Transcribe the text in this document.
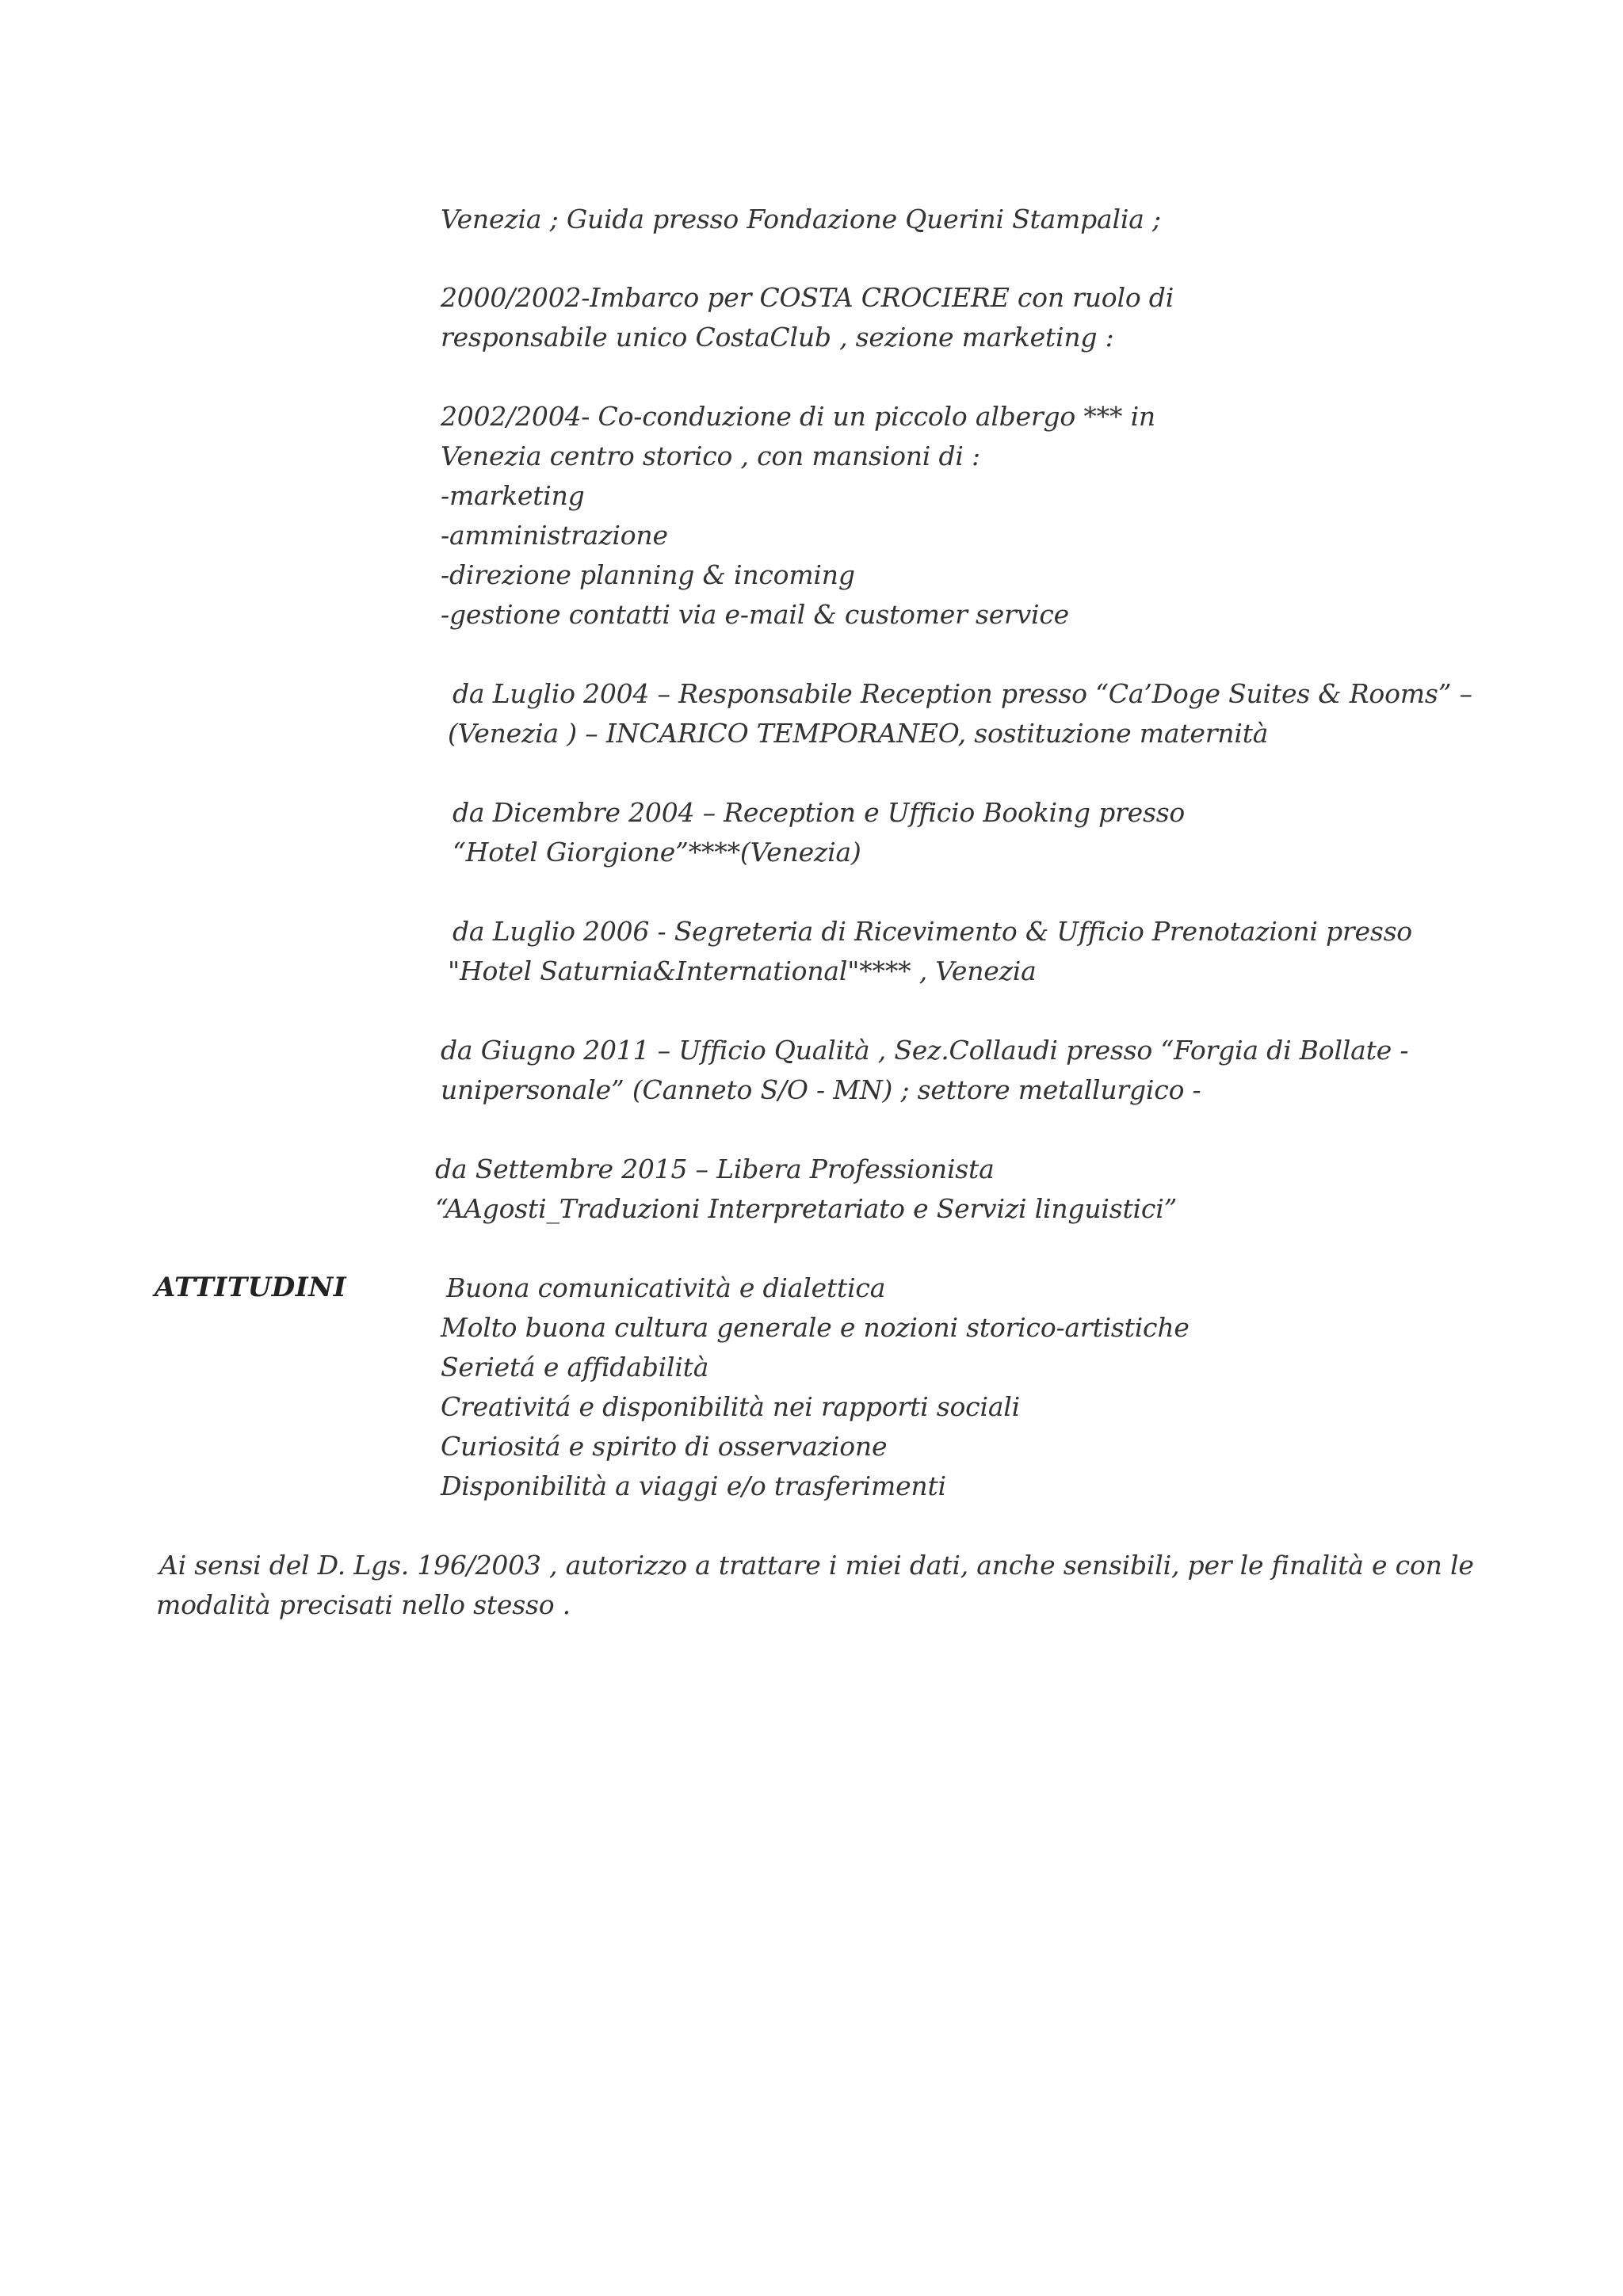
Venezia ; Guida presso Fondazione Querini Stampalia ;
2000/2002-Imbarco per COSTA CROCIERE con ruolo di
responsabile unico CostaClub , sezione marketing :
2002/2004- Co-conduzione di un piccolo albergo *** in
Venezia centro storico , con mansioni di :
-marketing
-amministrazione
-direzione planning & incoming
-gestione contatti via e-mail & customer service
da Luglio 2004 – Responsabile Reception presso “Ca’Doge Suites & Rooms” –
(Venezia ) – INCARICO TEMPORANEO, sostituzione maternità
da Dicembre 2004 – Reception e Ufficio Booking presso
“Hotel Giorgione”****(Venezia)
da Luglio 2006 - Segreteria di Ricevimento & Ufficio Prenotazioni presso
"Hotel Saturnia&International"**** , Venezia
da Giugno 2011 – Ufficio Qualità , Sez.Collaudi presso “Forgia di Bollate -
unipersonale” (Canneto S/O - MN) ; settore metallurgico -
da Settembre 2015 – Libera Professionista
“AAgosti_Traduzioni Interpretariato e Servizi linguistici”
ATTITUDINI	Buona comunicatività e dialettica
Molto buona cultura generale e nozioni storico-artistiche
Serietá e affidabilità
Creativitá e disponibilità nei rapporti sociali
Curiositá e spirito di osservazione
Disponibilità a viaggi e/o trasferimenti
Ai sensi del D. Lgs. 196/2003 , autorizzo a trattare i miei dati, anche sensibili, per le finalità e con le
modalità precisati nello stesso .
